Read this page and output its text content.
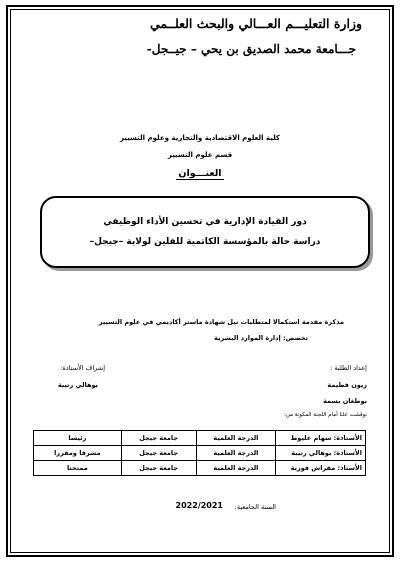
وزارة التعليـــم العـــالي والبحث العلــمي
جـــامعة محمد الصديق بن يحي – جيــجل-
كلية العلوم الاقتصادية والتجارية وعلوم التسيير
قسم علوم التسيير
العنـــوان
دور القيادة الإدارية في تحسين الأداء الوظيفي
دراسة حالة بالمؤسسة الكاتمية للفلين لولاية –جيجل–
مذكرة مقدمة استكمالا لمتطلبات نيل شهادة ماستر أكاديمي في علوم التسيير
تخصص: إدارة الموارد البشرية
إعداد الطلبة :
إشراف الأستاذة:
زيون فطيمة
بوهالي رتيبة
بوطغان بسمة
نوقشت علنا أمام اللجنة المكونة من:
الأستاذة: سهام عليوط	الدرجة العلمية	جامعة جيجل	رئيسا
الأستاذة: بوهالي رتيبة	الدرجة العلمية	جامعة جيجل	مشرفا ومقررا
الأستاذ: مقراش فوزية	الدرجة العلمية	جامعة جيجل	ممتحنا
السنة الجامعية:
2022/2021
